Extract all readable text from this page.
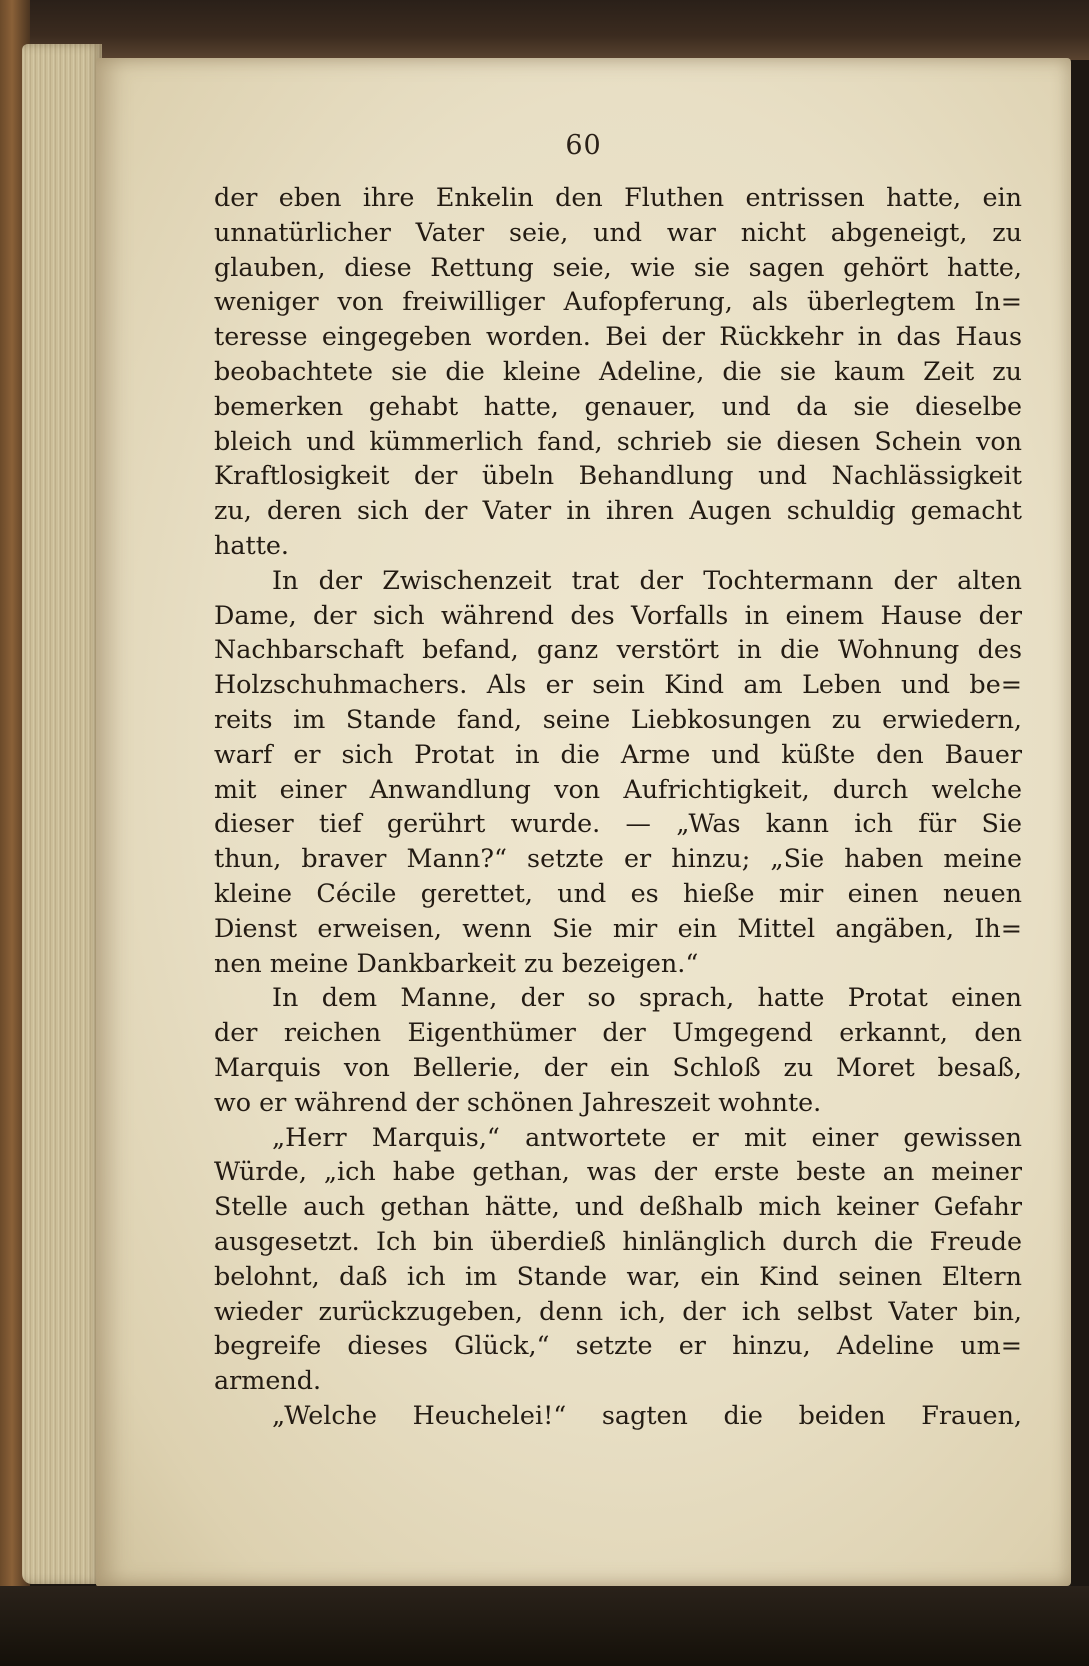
60
der eben ihre Enkelin den Fluthen entrissen hatte, ein
unnatürlicher Vater seie, und war nicht abgeneigt, zu
glauben, diese Rettung seie, wie sie sagen gehört hatte,
weniger von freiwilliger Aufopferung, als überlegtem In=
teresse eingegeben worden. Bei der Rückkehr in das Haus
beobachtete sie die kleine Adeline, die sie kaum Zeit zu
bemerken gehabt hatte, genauer, und da sie dieselbe
bleich und kümmerlich fand, schrieb sie diesen Schein von
Kraftlosigkeit der übeln Behandlung und Nachlässigkeit
zu, deren sich der Vater in ihren Augen schuldig gemacht
hatte.
In der Zwischenzeit trat der Tochtermann der alten
Dame, der sich während des Vorfalls in einem Hause der
Nachbarschaft befand, ganz verstört in die Wohnung des
Holzschuhmachers. Als er sein Kind am Leben und be=
reits im Stande fand, seine Liebkosungen zu erwiedern,
warf er sich Protat in die Arme und küßte den Bauer
mit einer Anwandlung von Aufrichtigkeit, durch welche
dieser tief gerührt wurde. — „Was kann ich für Sie
thun, braver Mann?“ setzte er hinzu; „Sie haben meine
kleine Cécile gerettet, und es hieße mir einen neuen
Dienst erweisen, wenn Sie mir ein Mittel angäben, Ih=
nen meine Dankbarkeit zu bezeigen.“
In dem Manne, der so sprach, hatte Protat einen
der reichen Eigenthümer der Umgegend erkannt, den
Marquis von Bellerie, der ein Schloß zu Moret besaß,
wo er während der schönen Jahreszeit wohnte.
„Herr Marquis,“ antwortete er mit einer gewissen
Würde, „ich habe gethan, was der erste beste an meiner
Stelle auch gethan hätte, und deßhalb mich keiner Gefahr
ausgesetzt. Ich bin überdieß hinlänglich durch die Freude
belohnt, daß ich im Stande war, ein Kind seinen Eltern
wieder zurückzugeben, denn ich, der ich selbst Vater bin,
begreife dieses Glück,“ setzte er hinzu, Adeline um=
armend.
„Welche Heuchelei!“ sagten die beiden Frauen,
